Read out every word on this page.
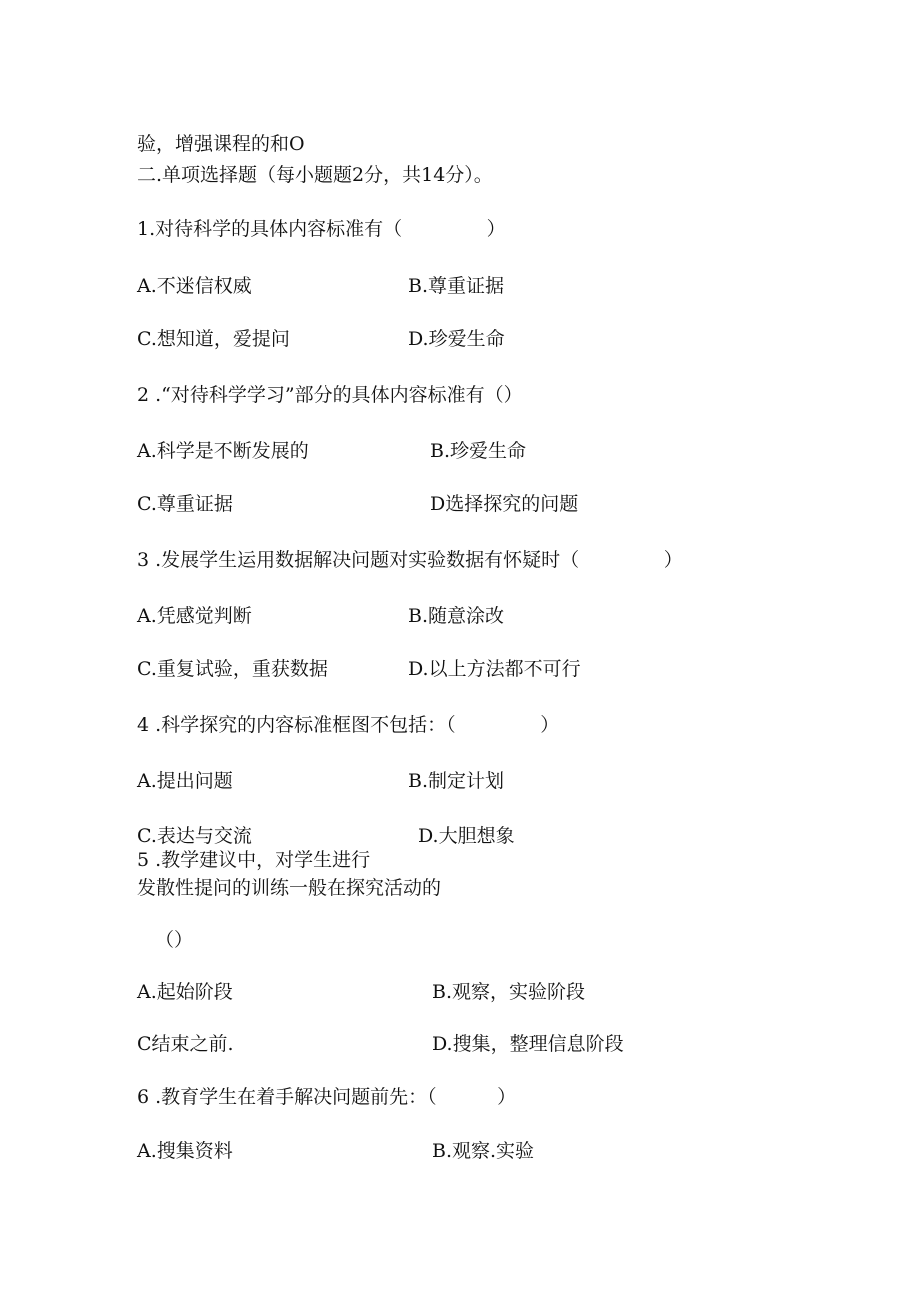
验，增强课程的和O
二.单项选择题（每小题题2分，共14分）。
1.对待科学的具体内容标准有（              ）
A.不迷信权威	B.尊重证据
C.想知道，爱提问	D.珍爱生命
2 .“对待科学学习”部分的具体内容标准有（）
A.科学是不断发展的	B.珍爱生命
C.尊重证据	D选择探究的问题
3 .发展学生运用数据解决问题对实验数据有怀疑时（              ）
A.凭感觉判断	B.随意涂改
C.重复试验，重获数据	D.以上方法都不可行
4 .科学探究的内容标准框图不包括：（              ）
A.提出问题	B.制定计划
C.表达与交流	D.大胆想象
5 .教学建议中，对学生进行
发散性提问的训练一般在探究活动的
（）
A.起始阶段	B.观察，实验阶段
C结束之前.	D.搜集，整理信息阶段
6 .教育学生在着手解决问题前先：（          ）
A.搜集资料	B.观察.实验
